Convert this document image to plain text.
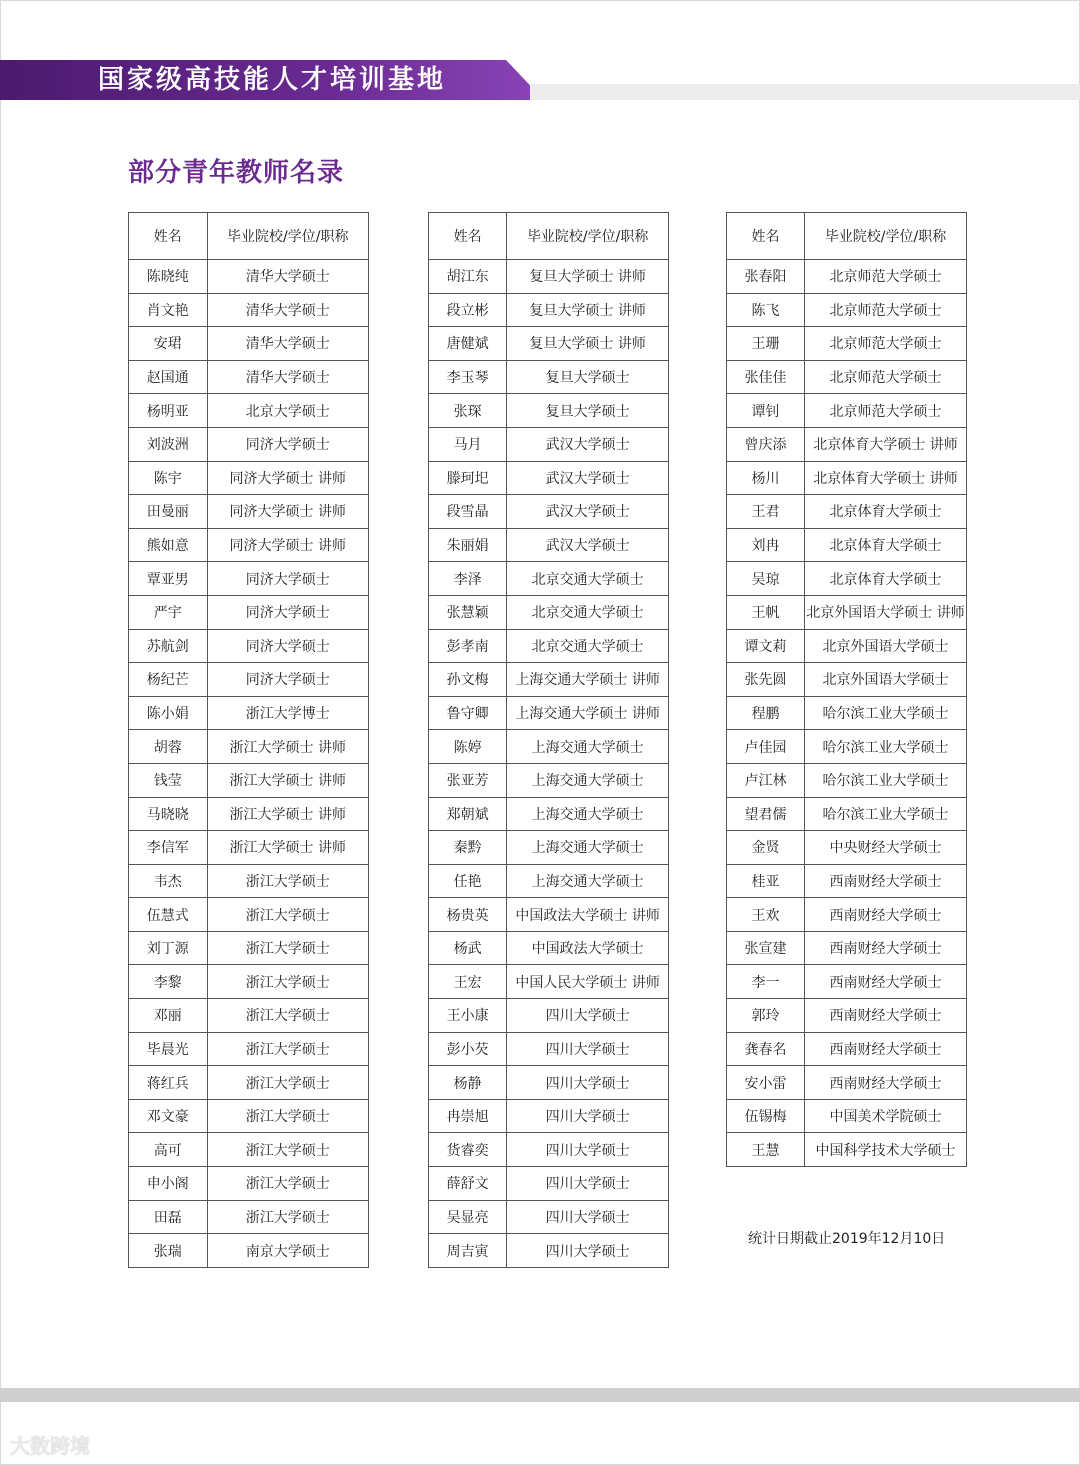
国家级高技能人才培训基地
部分青年教师名录
姓名	毕业院校/学位/职称
陈晓纯	清华大学硕士
肖文艳	清华大学硕士
安珺	清华大学硕士
赵国通	清华大学硕士
杨明亚	北京大学硕士
刘波洲	同济大学硕士
陈宇	同济大学硕士 讲师
田曼丽	同济大学硕士 讲师
熊如意	同济大学硕士 讲师
覃亚男	同济大学硕士
严宇	同济大学硕士
苏航剑	同济大学硕士
杨纪芒	同济大学硕士
陈小娟	浙江大学博士
胡蓉	浙江大学硕士 讲师
钱莹	浙江大学硕士 讲师
马晓晓	浙江大学硕士 讲师
李信军	浙江大学硕士 讲师
韦杰	浙江大学硕士
伍慧式	浙江大学硕士
刘丁源	浙江大学硕士
李黎	浙江大学硕士
邓丽	浙江大学硕士
毕晨光	浙江大学硕士
蒋红兵	浙江大学硕士
邓文豪	浙江大学硕士
高可	浙江大学硕士
申小阁	浙江大学硕士
田磊	浙江大学硕士
张瑞	南京大学硕士
姓名	毕业院校/学位/职称
胡江东	复旦大学硕士 讲师
段立彬	复旦大学硕士 讲师
唐健斌	复旦大学硕士 讲师
李玉琴	复旦大学硕士
张琛	复旦大学硕士
马月	武汉大学硕士
滕珂圯	武汉大学硕士
段雪晶	武汉大学硕士
朱丽娟	武汉大学硕士
李泽	北京交通大学硕士
张慧颖	北京交通大学硕士
彭孝南	北京交通大学硕士
孙文梅	上海交通大学硕士 讲师
鲁守卿	上海交通大学硕士 讲师
陈婷	上海交通大学硕士
张亚芳	上海交通大学硕士
郑朝斌	上海交通大学硕士
秦黔	上海交通大学硕士
任艳	上海交通大学硕士
杨贵英	中国政法大学硕士 讲师
杨武	中国政法大学硕士
王宏	中国人民大学硕士 讲师
王小康	四川大学硕士
彭小芡	四川大学硕士
杨静	四川大学硕士
冉崇旭	四川大学硕士
货睿奕	四川大学硕士
薛舒文	四川大学硕士
吴显亮	四川大学硕士
周吉寅	四川大学硕士
姓名	毕业院校/学位/职称
张春阳	北京师范大学硕士
陈飞	北京师范大学硕士
王珊	北京师范大学硕士
张佳佳	北京师范大学硕士
谭钊	北京师范大学硕士
曾庆添	北京体育大学硕士 讲师
杨川	北京体育大学硕士 讲师
王君	北京体育大学硕士
刘冉	北京体育大学硕士
吴琼	北京体育大学硕士
王帆	北京外国语大学硕士 讲师
谭文莉	北京外国语大学硕士
张先圆	北京外国语大学硕士
程鹏	哈尔滨工业大学硕士
卢佳园	哈尔滨工业大学硕士
卢江林	哈尔滨工业大学硕士
望君儒	哈尔滨工业大学硕士
金贤	中央财经大学硕士
桂亚	西南财经大学硕士
王欢	西南财经大学硕士
张宣建	西南财经大学硕士
李一	西南财经大学硕士
郭玲	西南财经大学硕士
龚春名	西南财经大学硕士
安小雷	西南财经大学硕士
伍锡梅	中国美术学院硕士
王慧	中国科学技术大学硕士
统计日期截止2019年12月10日
大数跨境
